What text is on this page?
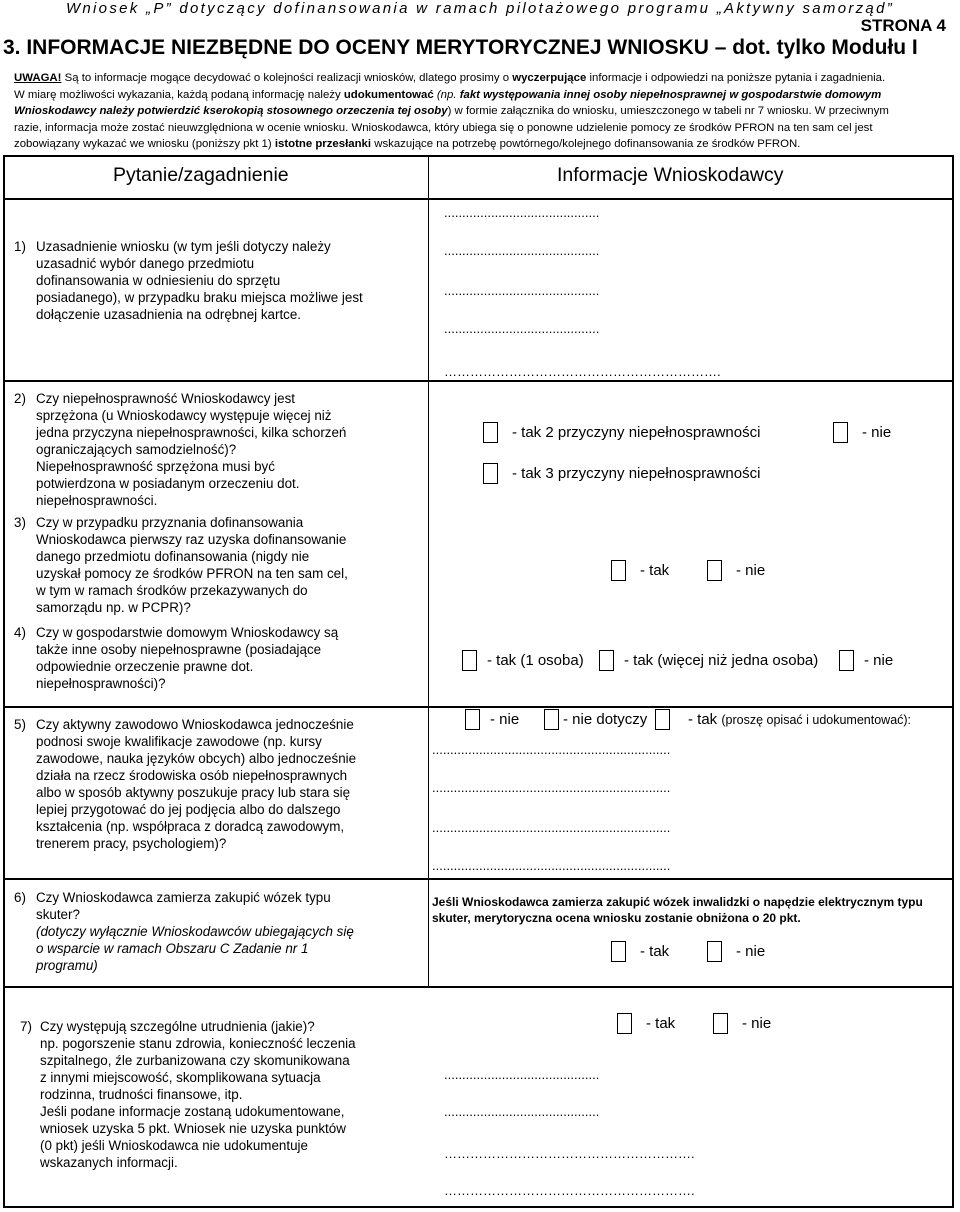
Wniosek „P” dotyczący dofinansowania w ramach pilotażowego programu „Aktywny samorząd”
STRONA 4
3. INFORMACJE NIEZBĘDNE DO OCENY MERYTORYCZNEJ WNIOSKU – dot. tylko Modułu I
UWAGA! Są to informacje mogące decydować o kolejności realizacji wniosków, dlatego prosimy o wyczerpujące informacje i odpowiedzi na poniższe pytania i zagadnienia.
W miarę możliwości wykazania, każdą podaną informację należy udokumentować (np. fakt występowania innej osoby niepełnosprawnej w gospodarstwie domowym
Wnioskodawcy należy potwierdzić kserokopią stosownego orzeczenia tej osoby) w formie załącznika do wniosku, umieszczonego w tabeli nr 7 wniosku. W przeciwnym
razie, informacja może zostać nieuwzględniona w ocenie wniosku. Wnioskodawca, który ubiega się o ponowne udzielenie pomocy ze środków PFRON na ten sam cel jest
zobowiązany wykazać we wniosku (poniższy pkt 1) istotne przesłanki wskazujące na potrzebę powtórnego/kolejnego dofinansowania ze środków PFRON.
Pytanie/zagadnienie	Informacje Wnioskodawcy
1) Uzasadnienie wniosku (w tym jeśli dotyczy należy
uzasadnić wybór danego przedmiotu
dofinansowania w odniesieniu do sprzętu
posiadanego), w przypadku braku miejsca możliwe jest
dołączenie uzasadnienia na odrębnej kartce.
...........................................
...........................................
...........................................
...........................................
……………………………………………………….
2) Czy niepełnosprawność Wnioskodawcy jest
sprzężona (u Wnioskodawcy występuje więcej niż
jedna przyczyna niepełnosprawności, kilka schorzeń
ograniczających samodzielność)?
Niepełnosprawność sprzężona musi być
potwierdzona w posiadanym orzeczeniu dot.
niepełnosprawności.
- tak 2 przyczyny niepełnosprawności	- nie
- tak 3 przyczyny niepełnosprawności
3) Czy w przypadku przyznania dofinansowania
Wnioskodawca pierwszy raz uzyska dofinansowanie
danego przedmiotu dofinansowania (nigdy nie
uzyskał pomocy ze środków PFRON na ten sam cel,
w tym w ramach środków przekazywanych do
samorządu np. w PCPR)?
- tak	- nie
4) Czy w gospodarstwie domowym Wnioskodawcy są
także inne osoby niepełnosprawne (posiadające
odpowiednie orzeczenie prawne dot.
niepełnosprawności)?
- tak (1 osoba)	- tak (więcej niż jedna osoba)	- nie
5) Czy aktywny zawodowo Wnioskodawca jednocześnie
podnosi swoje kwalifikacje zawodowe (np. kursy
zawodowe, nauka języków obcych) albo jednocześnie
działa na rzecz środowiska osób niepełnosprawnych
albo w sposób aktywny poszukuje pracy lub stara się
lepiej przygotować do jej podjęcia albo do dalszego
kształcenia (np. współpraca z doradcą zawodowym,
trenerem pracy, psychologiem)?
- nie	- nie dotyczy	- tak
(proszę opisać i udokumentować):
..................................................................
..................................................................
..................................................................
..................................................................
6) Czy Wnioskodawca zamierza zakupić wózek typu
skuter?
(dotyczy wyłącznie Wnioskodawców ubiegających się
o wsparcie w ramach Obszaru C Zadanie nr 1
programu)
Jeśli Wnioskodawca zamierza zakupić wózek inwalidzki o napędzie elektrycznym typu skuter, merytoryczna ocena wniosku zostanie obniżona o 20 pkt.
- tak	- nie
7) Czy występują szczególne utrudnienia (jakie)?
np. pogorszenie stanu zdrowia, konieczność leczenia
szpitalnego, źle zurbanizowana czy skomunikowana
z innymi miejscowość, skomplikowana sytuacja
rodzinna, trudności finansowe, itp.
Jeśli podane informacje zostaną udokumentowane,
wniosek uzyska 5 pkt. Wniosek nie uzyska punktów
(0 pkt) jeśli Wnioskodawca nie udokumentuje
wskazanych informacji.
- tak	- nie
...........................................
...........................................
………………………………………………….
………………………………………………….
